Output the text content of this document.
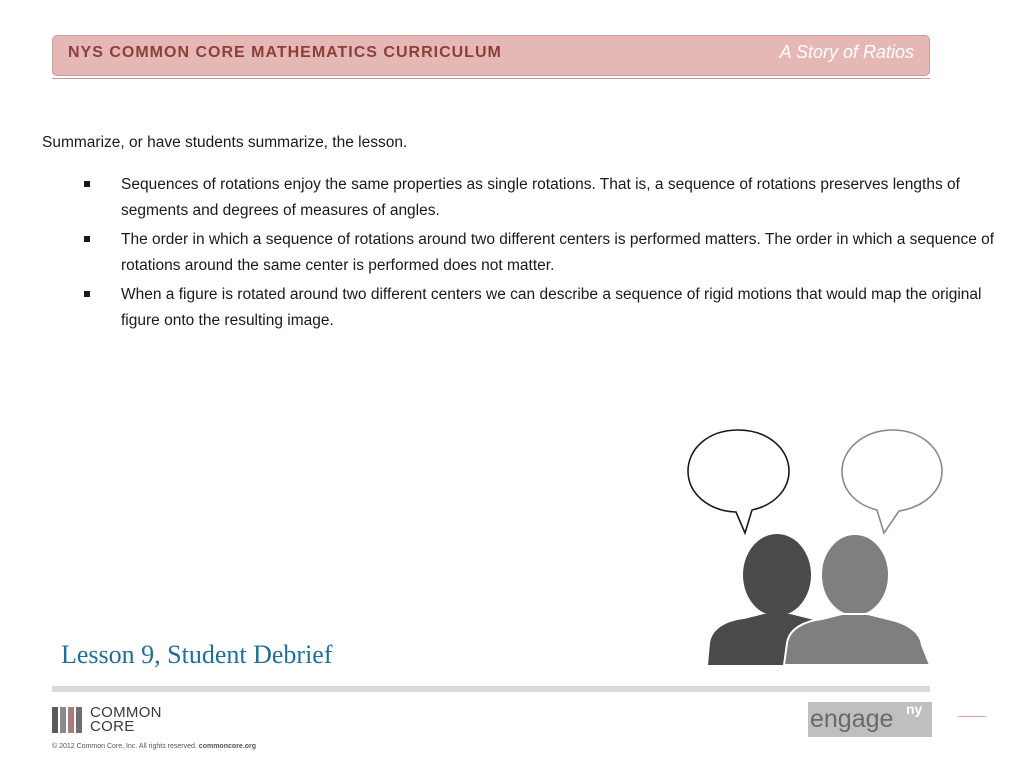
NYS COMMON CORE MATHEMATICS CURRICULUM	A Story of Ratios
Summarize, or have students summarize, the lesson.
Sequences of rotations enjoy the same properties as single rotations. That is, a sequence of rotations preserves lengths of segments and degrees of measures of angles.
The order in which a sequence of rotations around two different centers is performed matters. The order in which a sequence of rotations around the same center is performed does not matter.
When a figure is rotated around two different centers we can describe a sequence of rigid motions that would map the original figure onto the resulting image.
Lesson 9, Student Debrief
COMMON
CORE
© 2012 Common Core, Inc. All rights reserved. commoncore.org
engage ny
